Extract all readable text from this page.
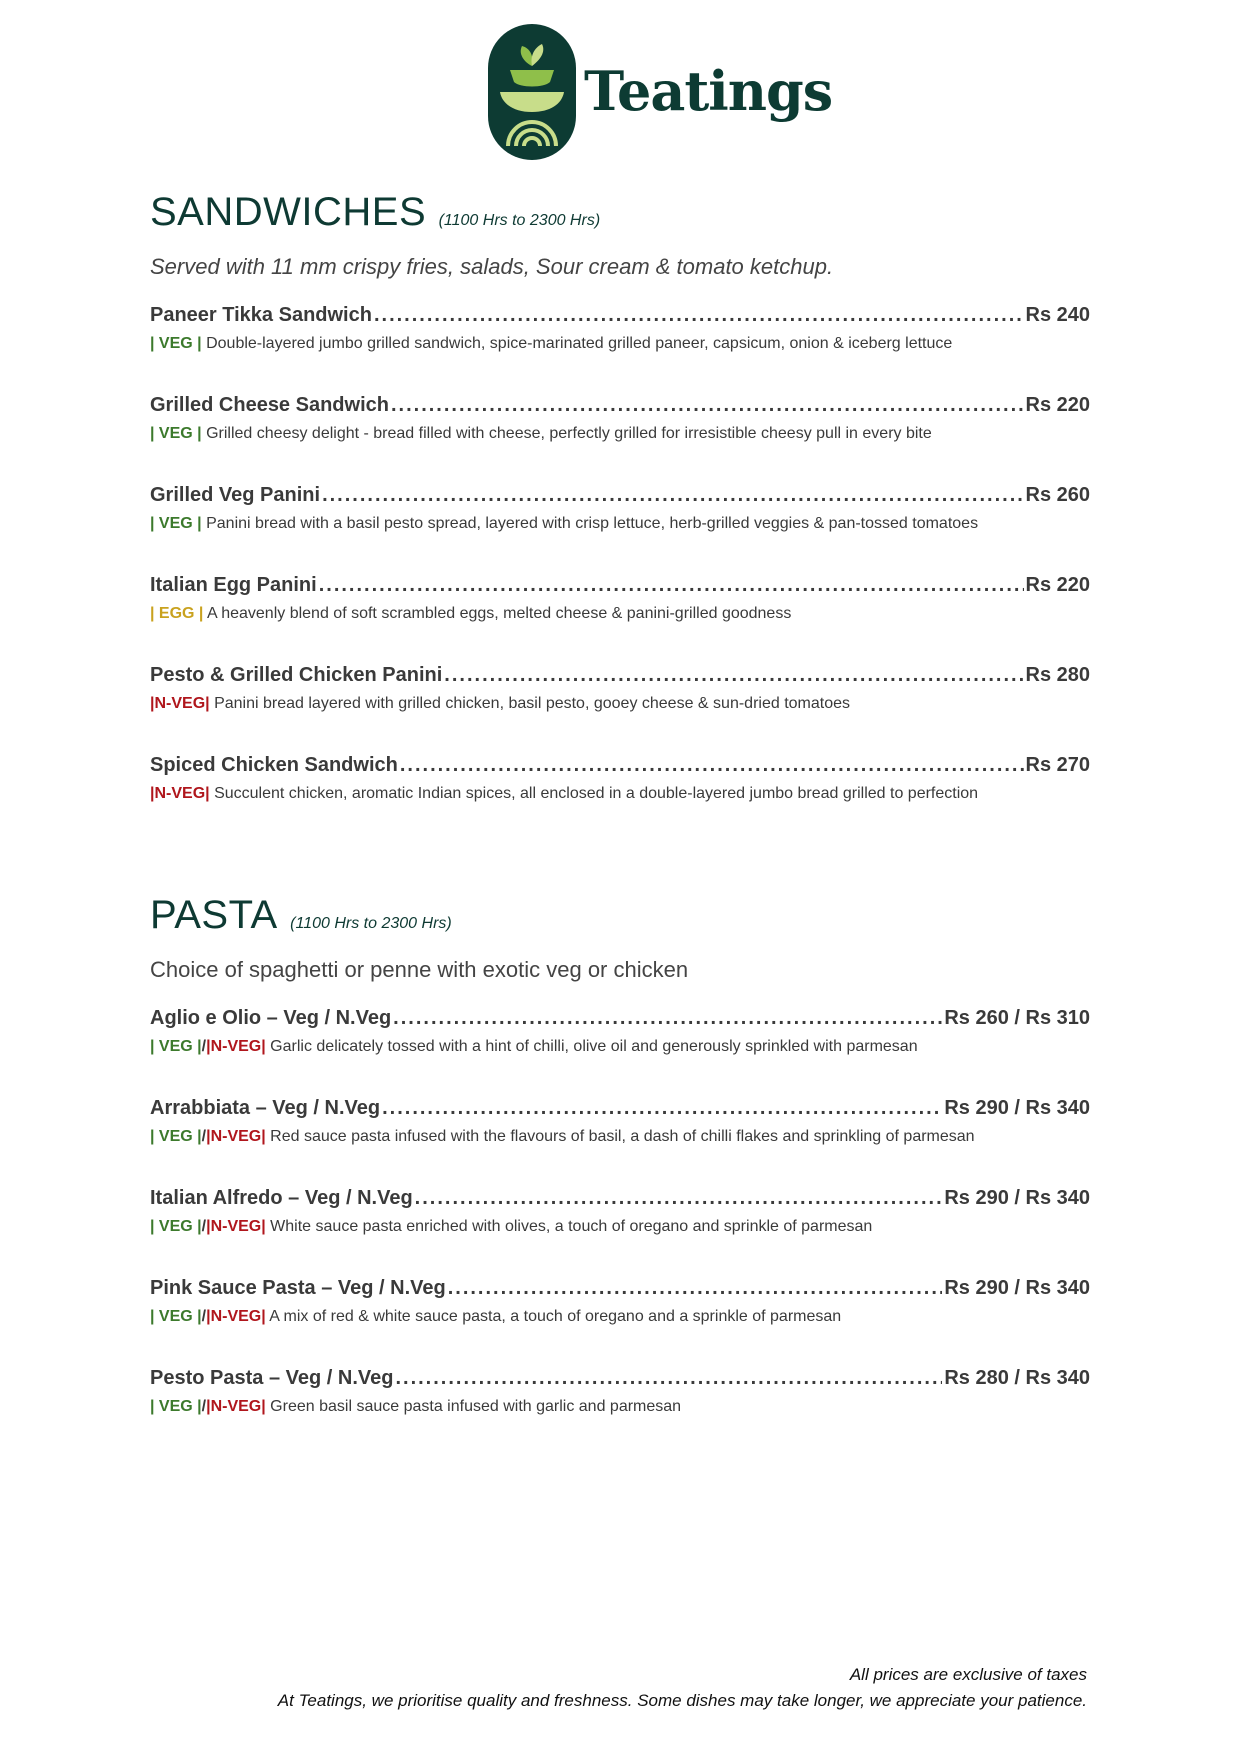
Teatings
SANDWICHES (1100 Hrs to 2300 Hrs)
Served with 11 mm crispy fries, salads, Sour cream & tomato ketchup.
Paneer Tikka Sandwich .....	Rs 240
| VEG | Double-layered jumbo grilled sandwich, spice-marinated grilled paneer, capsicum, onion & iceberg lettuce
Grilled Cheese Sandwich .....	Rs 220
| VEG | Grilled cheesy delight - bread filled with cheese, perfectly grilled for irresistible cheesy pull in every bite
Grilled Veg Panini .....	Rs 260
| VEG | Panini bread with a basil pesto spread, layered with crisp lettuce, herb-grilled veggies & pan-tossed tomatoes
Italian Egg Panini .....	Rs 220
| EGG | A heavenly blend of soft scrambled eggs, melted cheese & panini-grilled goodness
Pesto & Grilled Chicken Panini .....	Rs 280
|N-VEG| Panini bread layered with grilled chicken, basil pesto, gooey cheese & sun-dried tomatoes
Spiced Chicken Sandwich .....	Rs 270
|N-VEG| Succulent chicken, aromatic Indian spices, all enclosed in a double-layered jumbo bread grilled to perfection
PASTA (1100 Hrs to 2300 Hrs)
Choice of spaghetti or penne with exotic veg or chicken
Aglio e Olio – Veg / N.Veg .....	Rs 260 / Rs 310
| VEG |/|N-VEG| Garlic delicately tossed with a hint of chilli, olive oil and generously sprinkled with parmesan
Arrabbiata – Veg / N.Veg .....	Rs 290 / Rs 340
| VEG |/|N-VEG| Red sauce pasta infused with the flavours of basil, a dash of chilli flakes and sprinkling of parmesan
Italian Alfredo – Veg / N.Veg .....	Rs 290 / Rs 340
| VEG |/|N-VEG| White sauce pasta enriched with olives, a touch of oregano and sprinkle of parmesan
Pink Sauce Pasta – Veg / N.Veg .....	Rs 290 / Rs 340
| VEG |/|N-VEG| A mix of red & white sauce pasta, a touch of oregano and a sprinkle of parmesan
Pesto Pasta – Veg / N.Veg .....	Rs 280 / Rs 340
| VEG |/|N-VEG| Green basil sauce pasta infused with garlic and parmesan
All prices are exclusive of taxes
At Teatings, we prioritise quality and freshness. Some dishes may take longer, we appreciate your patience.
